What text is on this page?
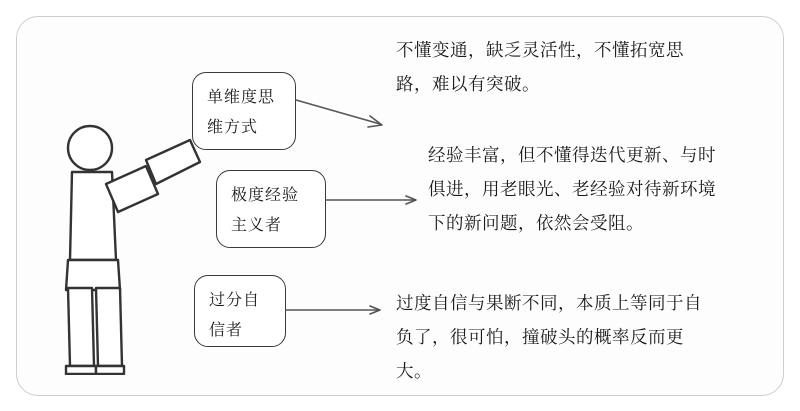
单维度思维方式
极度经验主义者
过分自信者
不懂变通，缺乏灵活性，不懂拓宽思路，难以有突破。
经验丰富，但不懂得迭代更新、与时俱进，用老眼光、老经验对待新环境下的新问题，依然会受阻。
过度自信与果断不同，本质上等同于自负了，很可怕，撞破头的概率反而更大。
